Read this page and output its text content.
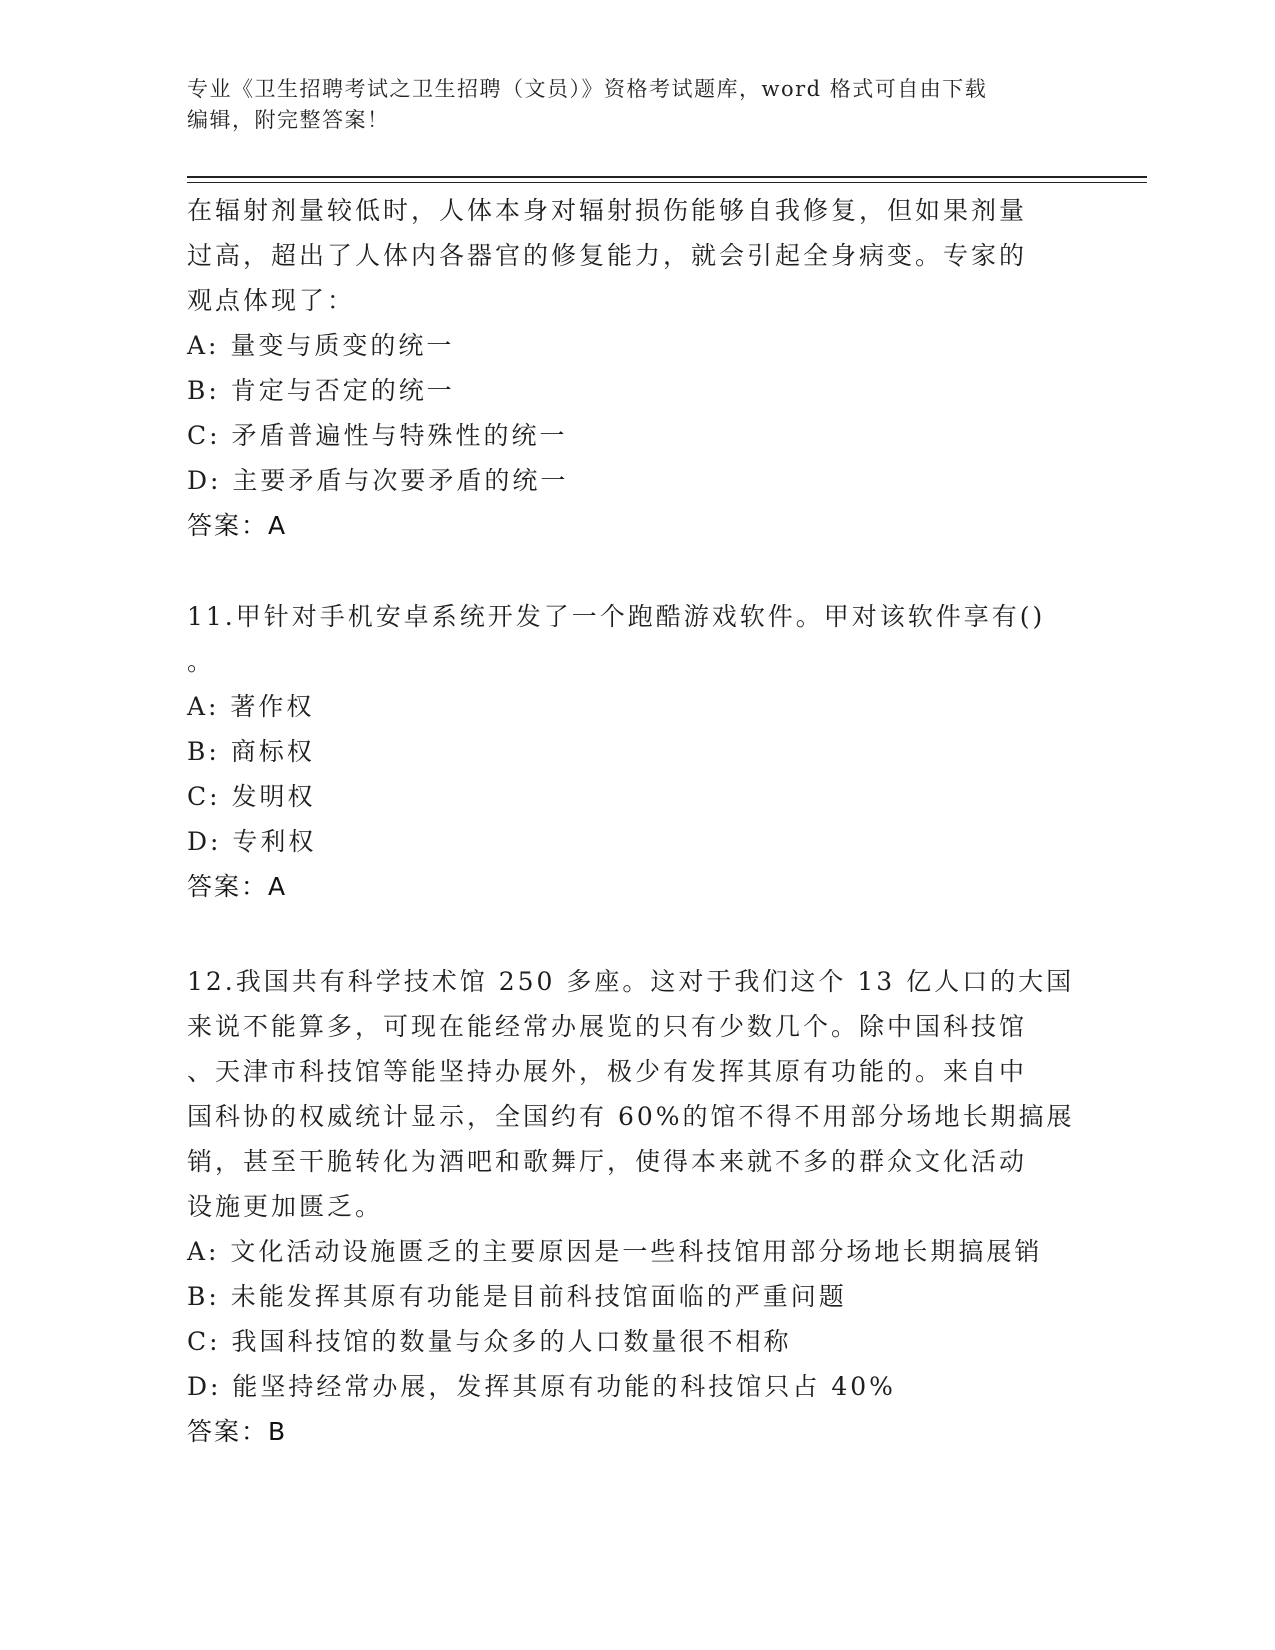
专业《卫生招聘考试之卫生招聘（文员）》资格考试题库，word 格式可自由下载
编辑，附完整答案！
在辐射剂量较低时，人体本身对辐射损伤能够自我修复，但如果剂量
过高，超出了人体内各器官的修复能力，就会引起全身病变。专家的
观点体现了：
A: 量变与质变的统一
B: 肯定与否定的统一
C: 矛盾普遍性与特殊性的统一
D: 主要矛盾与次要矛盾的统一
答案：A
11.甲针对手机安卓系统开发了一个跑酷游戏软件。甲对该软件享有()
。
A: 著作权
B: 商标权
C: 发明权
D: 专利权
答案：A
12.我国共有科学技术馆 250 多座。这对于我们这个 13 亿人口的大国
来说不能算多，可现在能经常办展览的只有少数几个。除中国科技馆
、天津市科技馆等能坚持办展外，极少有发挥其原有功能的。来自中
国科协的权威统计显示，全国约有 60%的馆不得不用部分场地长期搞展
销，甚至干脆转化为酒吧和歌舞厅，使得本来就不多的群众文化活动
设施更加匮乏。
A: 文化活动设施匮乏的主要原因是一些科技馆用部分场地长期搞展销
B: 未能发挥其原有功能是目前科技馆面临的严重问题
C: 我国科技馆的数量与众多的人口数量很不相称
D: 能坚持经常办展，发挥其原有功能的科技馆只占 40%
答案：B
